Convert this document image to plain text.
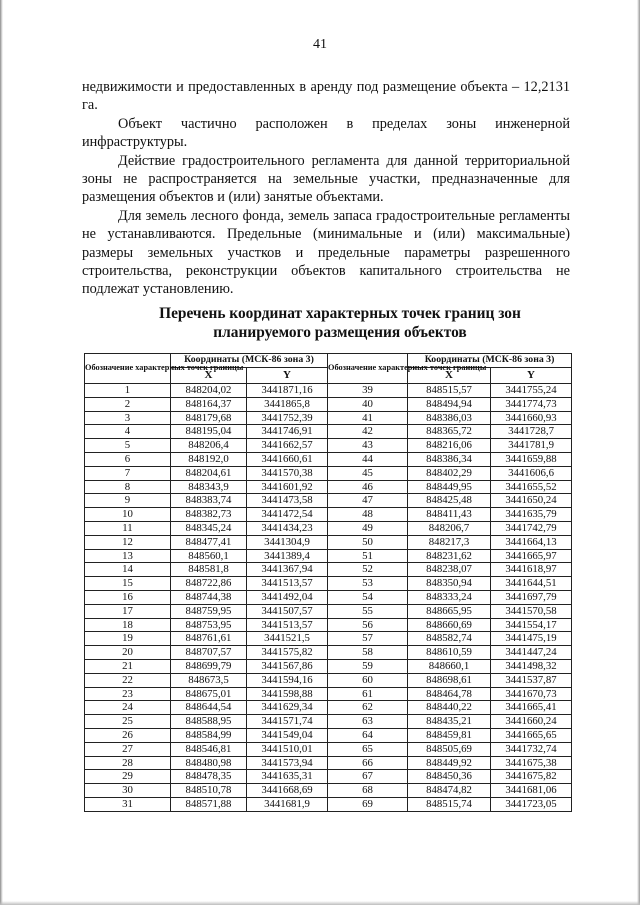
41

недвижимости и предоставленных в аренду под размещение объекта – 12,2131 га.

Объект частично расположен в пределах зоны инженерной инфраструктуры.

Действие градостроительного регламента для данной территориальной зоны не распространяется на земельные участки, предназначенные для размещения объектов и (или) занятые объектами.

Для земель лесного фонда, земель запаса градостроительные регламенты не устанавливаются. Предельные (минимальные и (или) максимальные) размеры земельных участков и предельные параметры разрешенного строительства, реконструкции объектов капитального строительства не подлежат установлению.

Перечень координат характерных точек границ зон
планируемого размещения объектов
Обозначение характерных точек границы	Координаты (МСК-86 зона 3)		Обозначение характерных точек границы	Координаты (МСК-86 зона 3)	
	X	Y		X	Y
1	848204,02	3441871,16	39	848515,57	3441755,24
2	848164,37	3441865,8	40	848494,94	3441774,73
3	848179,68	3441752,39	41	848386,03	3441660,93
4	848195,04	3441746,91	42	848365,72	3441728,7
5	848206,4	3441662,57	43	848216,06	3441781,9
6	848192,0	3441660,61	44	848386,34	3441659,88
7	848204,61	3441570,38	45	848402,29	3441606,6
8	848343,9	3441601,92	46	848449,95	3441655,52
9	848383,74	3441473,58	47	848425,48	3441650,24
10	848382,73	3441472,54	48	848411,43	3441635,79
11	848345,24	3441434,23	49	848206,7	3441742,79
12	848477,41	3441304,9	50	848217,3	3441664,13
13	848560,1	3441389,4	51	848231,62	3441665,97
14	848581,8	3441367,94	52	848238,07	3441618,97
15	848722,86	3441513,57	53	848350,94	3441644,51
16	848744,38	3441492,04	54	848333,24	3441697,79
17	848759,95	3441507,57	55	848665,95	3441570,58
18	848753,95	3441513,57	56	848660,69	3441554,17
19	848761,61	3441521,5	57	848582,74	3441475,19
20	848707,57	3441575,82	58	848610,59	3441447,24
21	848699,79	3441567,86	59	848660,1	3441498,32
22	848673,5	3441594,16	60	848698,61	3441537,87
23	848675,01	3441598,88	61	848464,78	3441670,73
24	848644,54	3441629,34	62	848440,22	3441665,41
25	848588,95	3441571,74	63	848435,21	3441660,24
26	848584,99	3441549,04	64	848459,81	3441665,65
27	848546,81	3441510,01	65	848505,69	3441732,74
28	848480,98	3441573,94	66	848449,92	3441675,38
29	848478,35	3441635,31	67	848450,36	3441675,82
30	848510,78	3441668,69	68	848474,82	3441681,06
31	848571,88	3441681,9	69	848515,74	3441723,05
